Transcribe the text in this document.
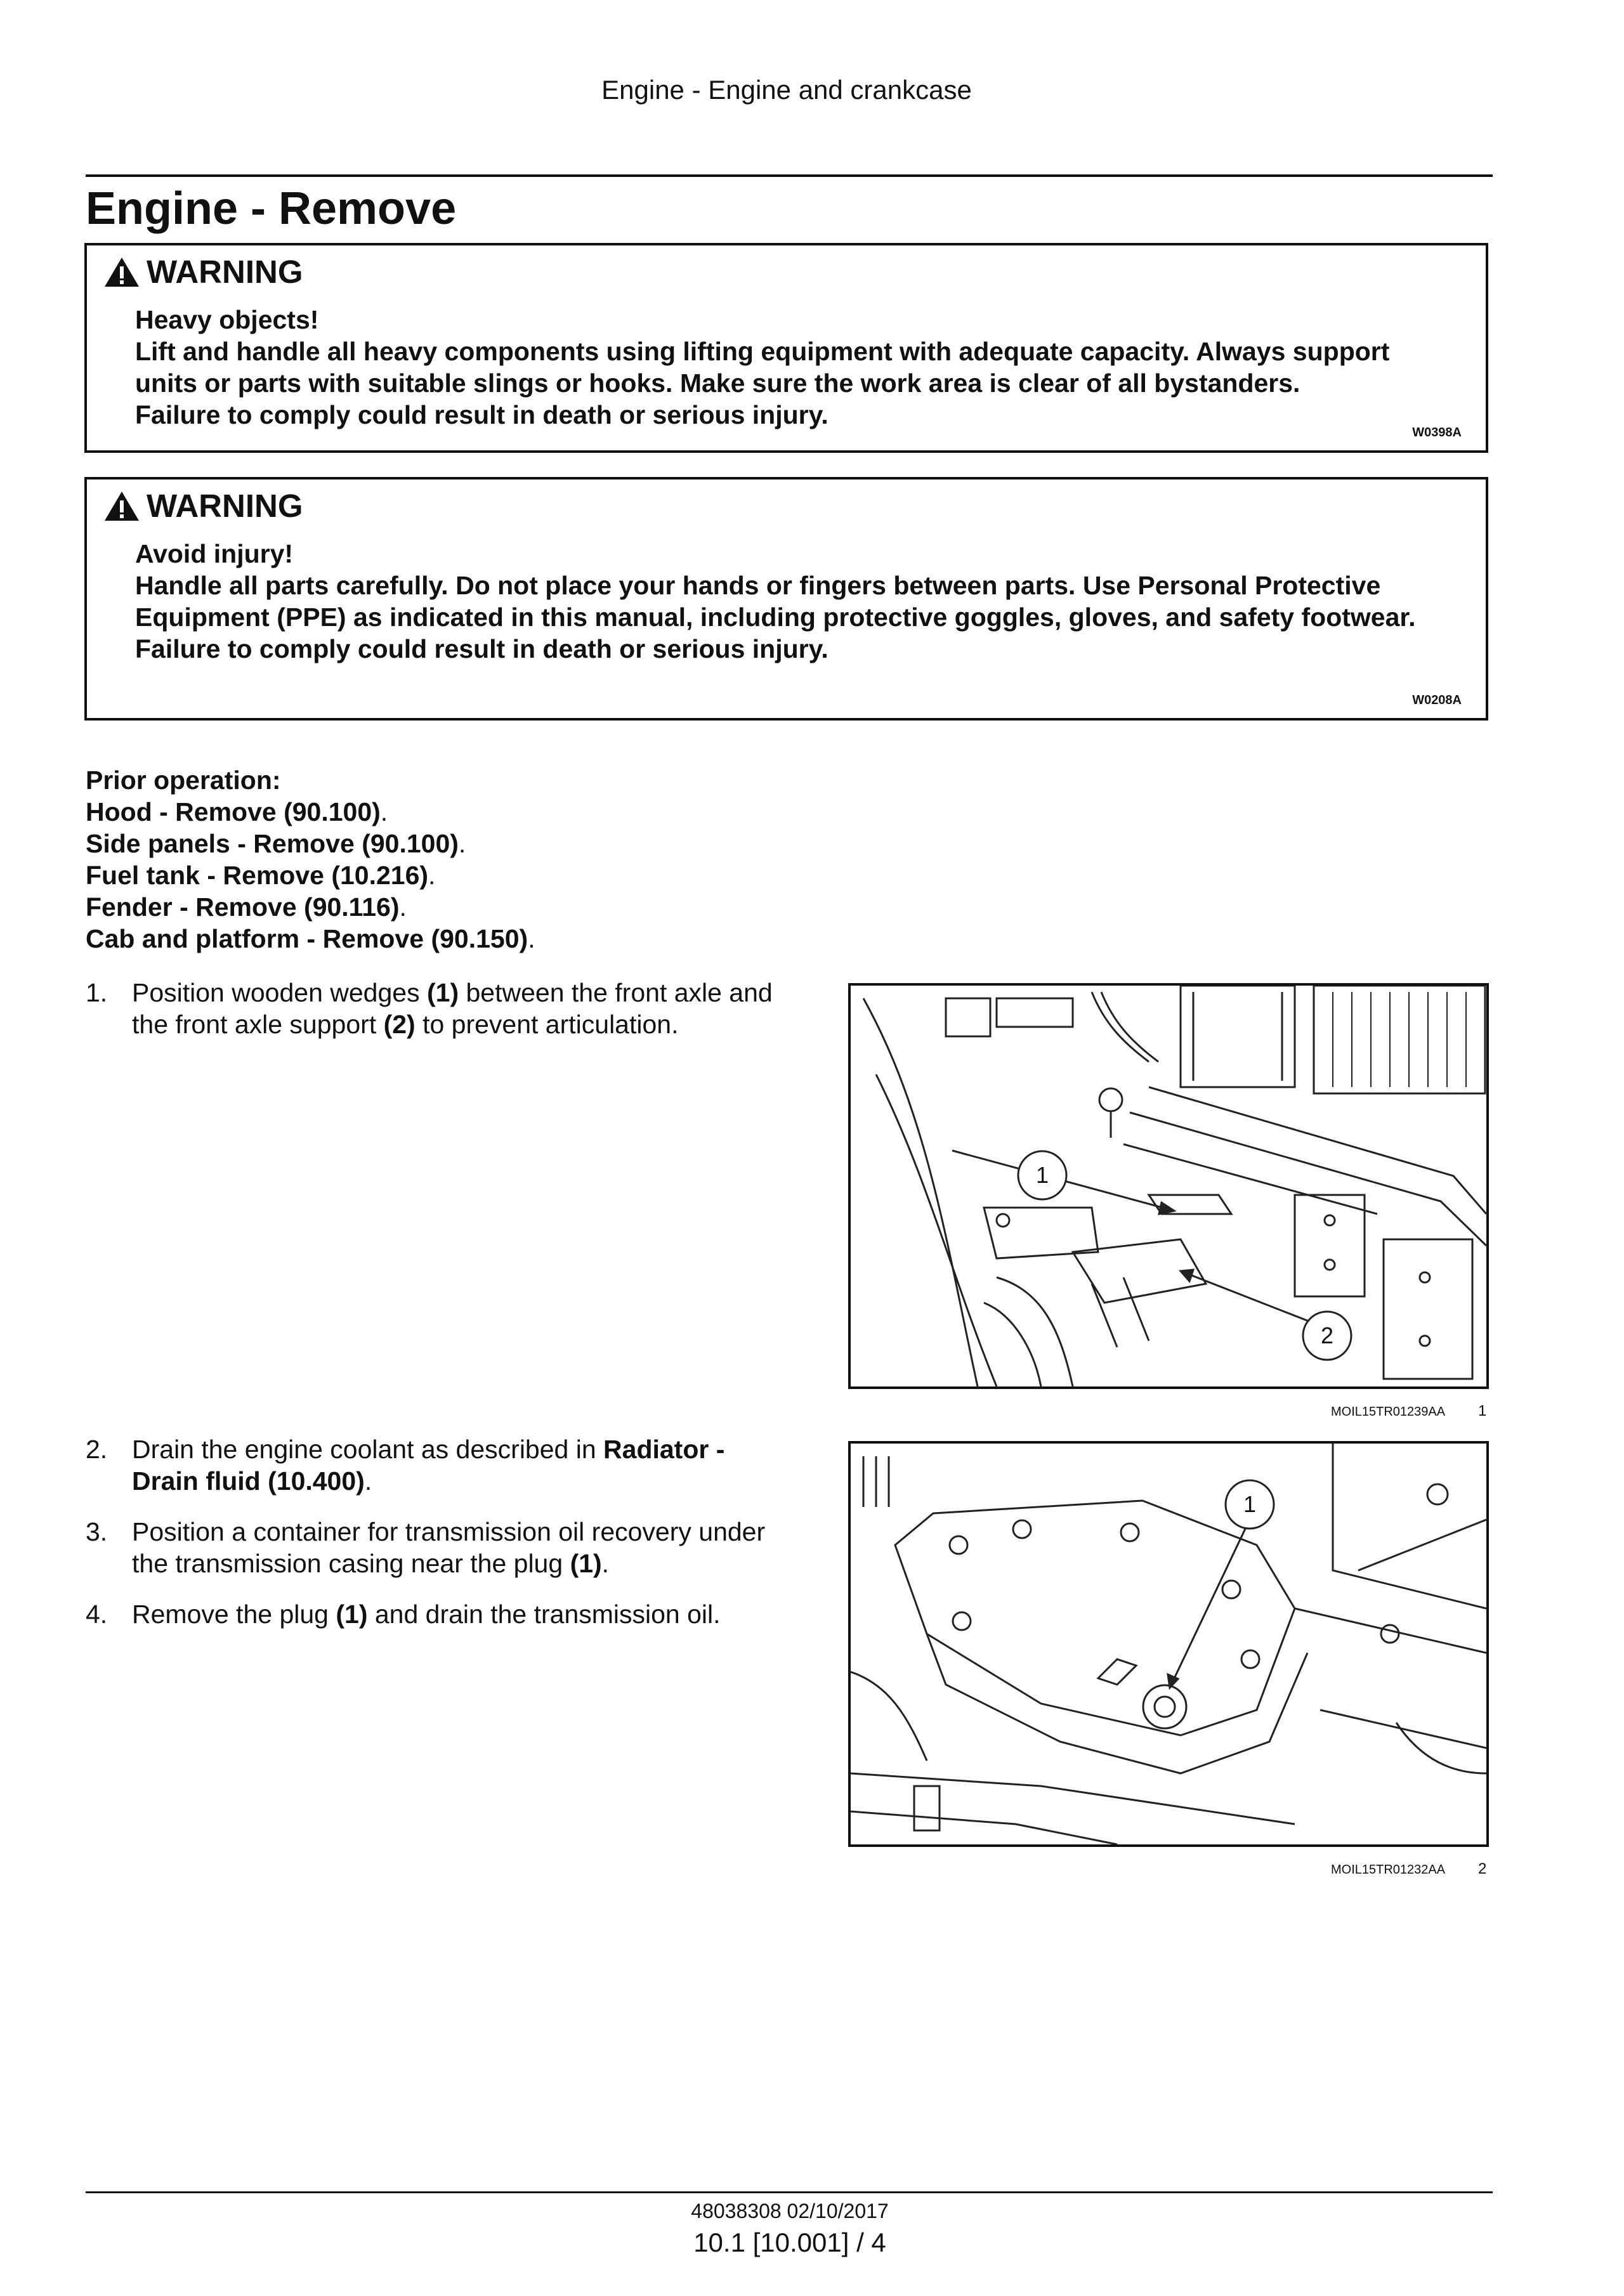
Engine - Engine and crankcase
Engine - Remove
WARNING

Heavy objects!

Lift and handle all heavy components using lifting equipment with adequate capacity. Always support units or parts with suitable slings or hooks. Make sure the work area is clear of all bystanders.

Failure to comply could result in death or serious injury.

W0398A
WARNING

Avoid injury!

Handle all parts carefully. Do not place your hands or fingers between parts. Use Personal Protective Equipment (PPE) as indicated in this manual, including protective goggles, gloves, and safety footwear.

Failure to comply could result in death or serious injury.

W0208A

Prior operation:

Hood - Remove (90.100).

Side panels - Remove (90.100).

Fuel tank - Remove (10.216).

Fender - Remove (90.116).

Cab and platform - Remove (90.150).

1. Position wooden wedges (1) between the front axle and the front axle support (2) to prevent articulation.
2. Drain the engine coolant as described in Radiator - Drain fluid (10.400).
3. Position a container for transmission oil recovery under the transmission casing near the plug (1).
4. Remove the plug (1) and drain the transmission oil.
1
2
MOIL15TR01239AA 1
1
MOIL15TR01232AA 2
48038308 02/10/2017
10.1 [10.001] / 4
